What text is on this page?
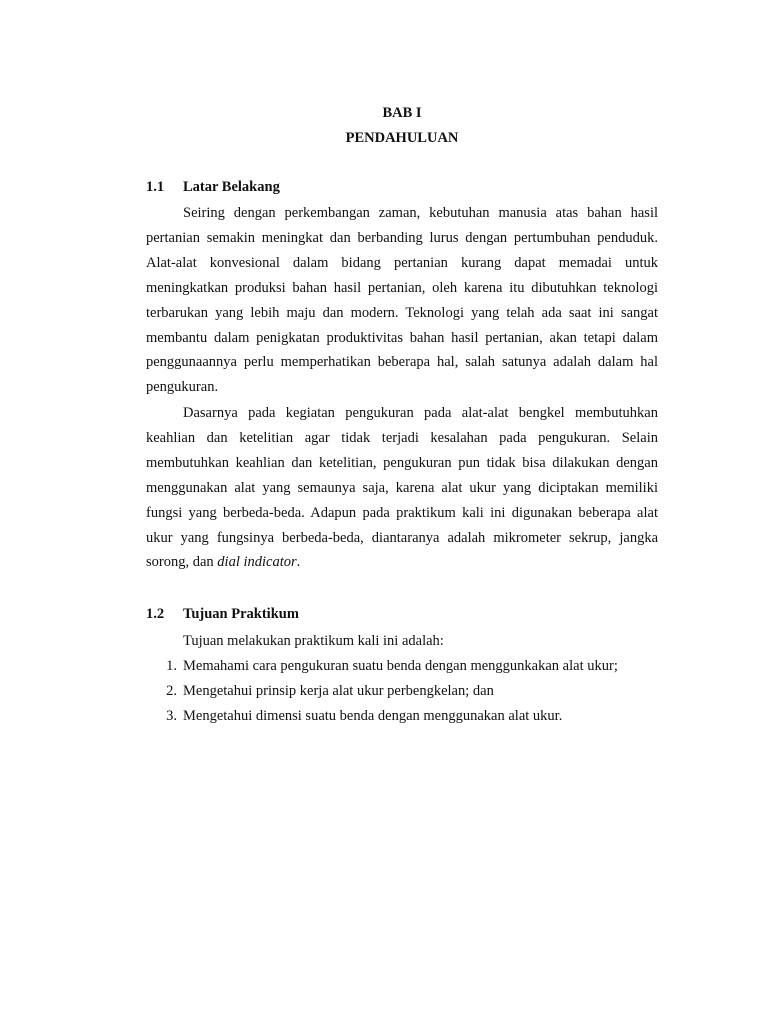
BAB I
PENDAHULUAN
1.1 Latar Belakang

Seiring dengan perkembangan zaman, kebutuhan manusia atas bahan hasil pertanian semakin meningkat dan berbanding lurus dengan pertumbuhan penduduk. Alat-alat konvesional dalam bidang pertanian kurang dapat memadai untuk meningkatkan produksi bahan hasil pertanian, oleh karena itu dibutuhkan teknologi terbarukan yang lebih maju dan modern. Teknologi yang telah ada saat ini sangat membantu dalam penigkatan produktivitas bahan hasil pertanian, akan tetapi dalam penggunaannya perlu memperhatikan beberapa hal, salah satunya adalah dalam hal pengukuran.

Dasarnya pada kegiatan pengukuran pada alat-alat bengkel membutuhkan keahlian dan ketelitian agar tidak terjadi kesalahan pada pengukuran. Selain membutuhkan keahlian dan ketelitian, pengukuran pun tidak bisa dilakukan dengan menggunakan alat yang semaunya saja, karena alat ukur yang diciptakan memiliki fungsi yang berbeda-beda. Adapun pada praktikum kali ini digunakan beberapa alat ukur yang fungsinya berbeda-beda, diantaranya adalah mikrometer sekrup, jangka sorong, dan dial indicator.

1.2 Tujuan Praktikum

Tujuan melakukan praktikum kali ini adalah:

1. Memahami cara pengukuran suatu benda dengan menggunkakan alat ukur;
2. Mengetahui prinsip kerja alat ukur perbengkelan; dan
3. Mengetahui dimensi suatu benda dengan menggunakan alat ukur.
